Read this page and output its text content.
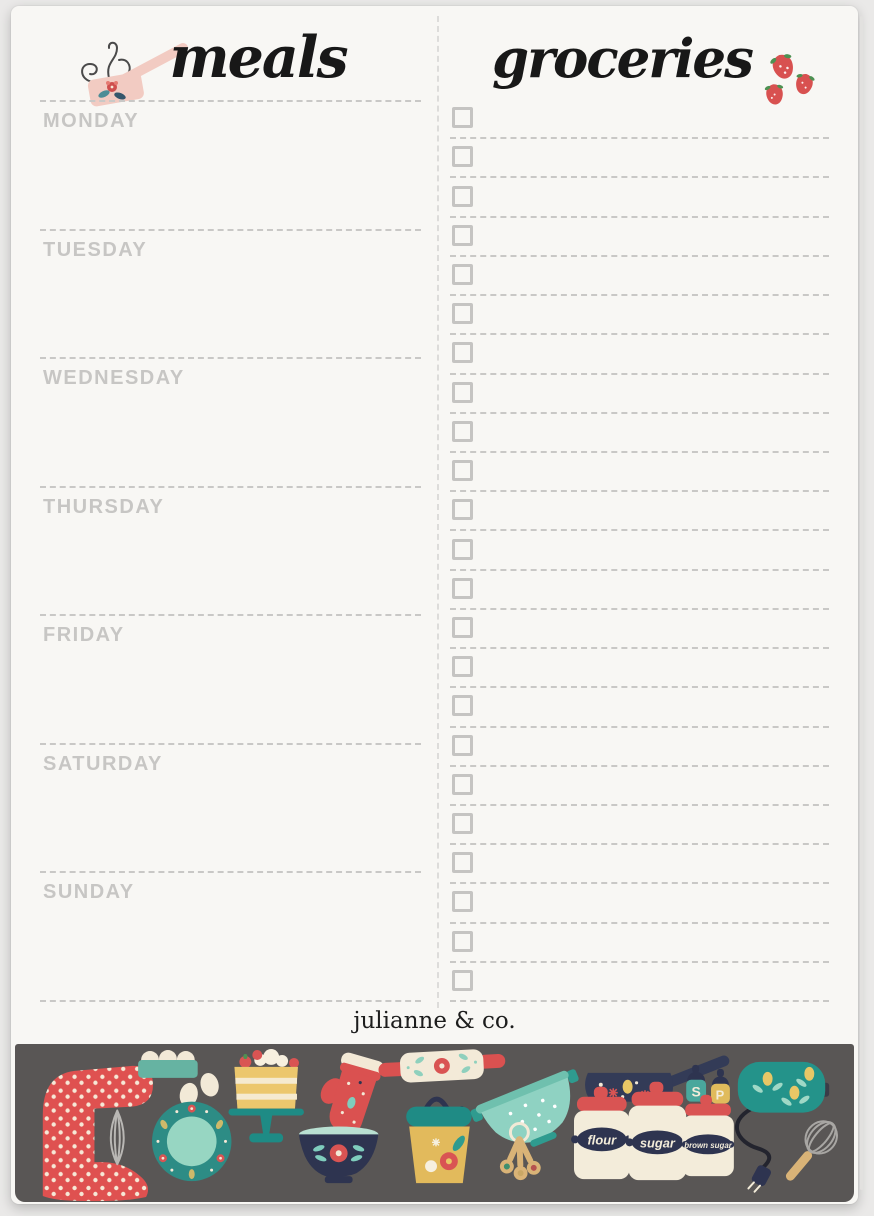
meals	groceries
MONDAY
TUESDAY
WEDNESDAY
THURSDAY
FRIDAY
SATURDAY
SUNDAY
julianne & co.
S P
flour sugar brown sugar
